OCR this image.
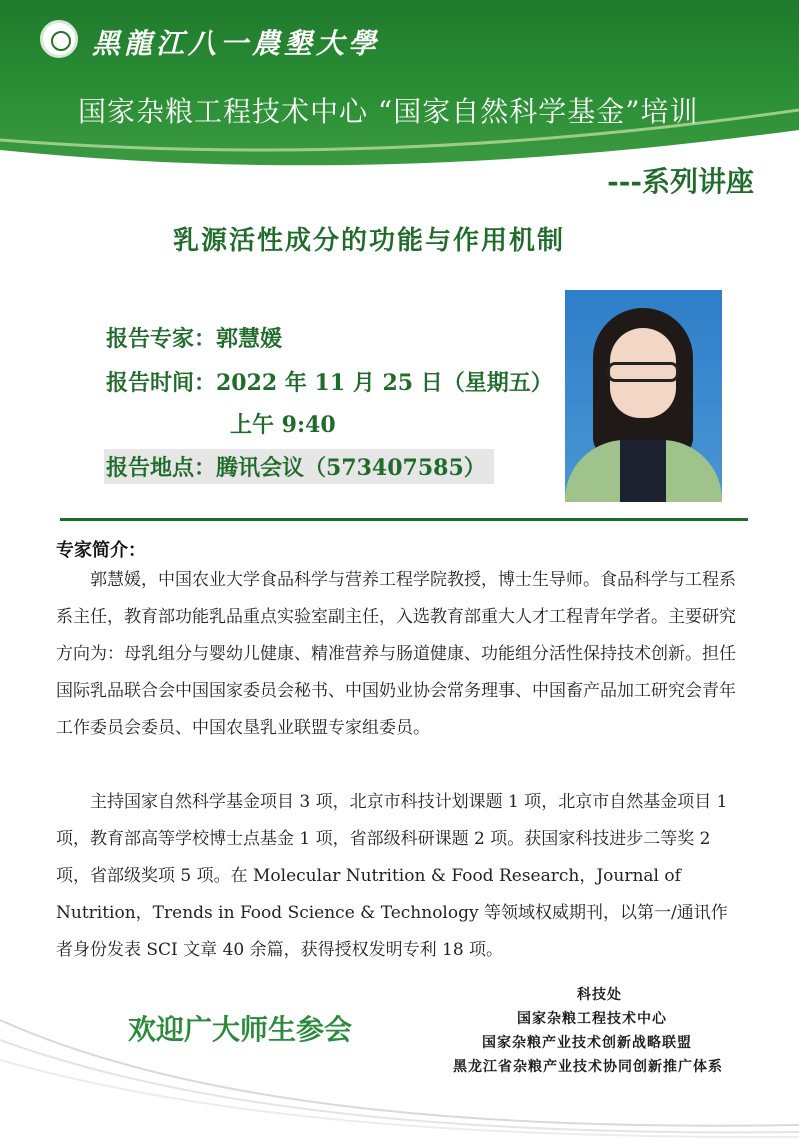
黑龍江八一農墾大學
国家杂粮工程技术中心 “国家自然科学基金”培训
---系列讲座
乳源活性成分的功能与作用机制
报告专家：郭慧媛
报告时间：2022 年 11 月 25 日（星期五）
上午 9:40
报告地点：腾讯会议（573407585）
专家简介：

郭慧媛，中国农业大学食品科学与营养工程学院教授，博士生导师。食品科学与工程系系主任，教育部功能乳品重点实验室副主任，入选教育部重大人才工程青年学者。主要研究方向为：母乳组分与婴幼儿健康、精准营养与肠道健康、功能组分活性保持技术创新。担任国际乳品联合会中国国家委员会秘书、中国奶业协会常务理事、中国畜产品加工研究会青年工作委员会委员、中国农垦乳业联盟专家组委员。

主持国家自然科学基金项目 3 项，北京市科技计划课题 1 项，北京市自然基金项目 1 项，教育部高等学校博士点基金 1 项，省部级科研课题 2 项。获国家科技进步二等奖 2 项，省部级奖项 5 项。在 Molecular Nutrition & Food Research，Journal of Nutrition，Trends in Food Science & Technology 等领域权威期刊，以第一/通讯作者身份发表 SCI 文章 40 余篇，获得授权发明专利 18 项。

欢迎广大师生参会
科技处
国家杂粮工程技术中心
国家杂粮产业技术创新战略联盟
黑龙江省杂粮产业技术协同创新推广体系
